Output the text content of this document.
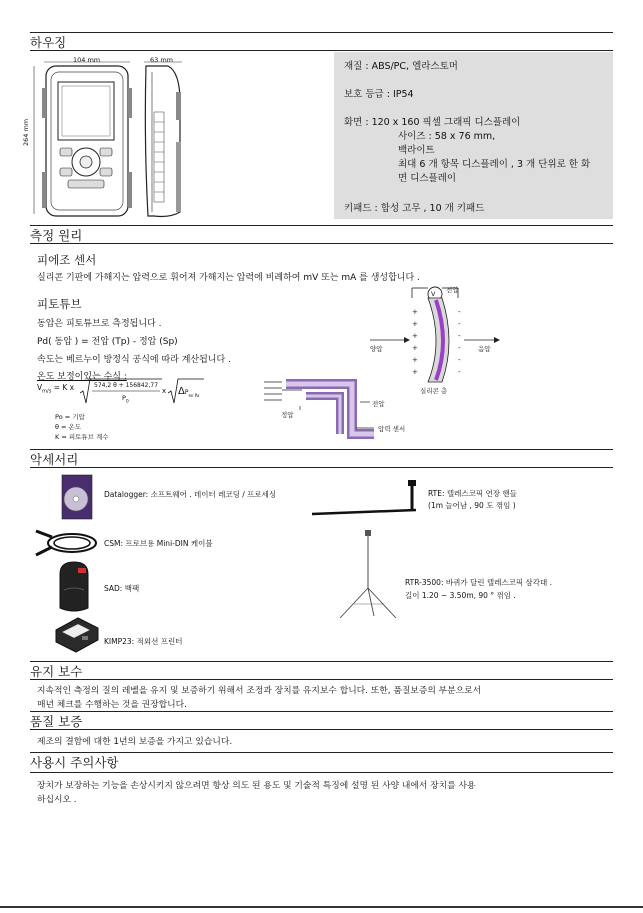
하우징
104 mm	63 mm
264 mm
재질 : ABS/PC, 엘라스토머
보호 등급 : IP54
화면 : 120 x 160 픽셀 그래픽 디스플레이
사이즈 : 58 x 76 mm,
백라이트
최대 6 개 항목 디스플레이 , 3 개 단위로 한 화
면 디스플레이
키패드 : 합성 고무 , 10 개 키패드
측정 원리
피에조 센서
실리콘 기판에 가해지는 압력으로 휘어져 가해지는 압력에 비례하여 mV 또는 mA 를 생성합니다 .
피토튜브
동압은 피토튜브로 측정됩니다 .
Pd( 동압 ) = 전압 (Tp) - 정압 (Sp)
속도는 베르누이 방정식 공식에 따라 계산됩니다 .
온도 보정이있는 수식 :
$V_{m/s} = K$ x	574,2 θ + 156842,77
$P_0$
x $\Delta P_{en Pa}$
Po = 기압
θ = 온도
K = 피토튜브 계수
+
+
+
+
+
+
-
-
-
-
-
-
V 전압
양압	음압
실리콘 층
정압
전압
압력 센서
악세서리
Datalogger: 소프트웨어 . 데이터 레코딩 / 프로세싱
CSM: 프로브용 Mini-DIN 케이블
SAD: 백팩
KIMP23: 적외선 프린터
RTE: 텔레스코픽 연장 핸들
(1m 늘어남 , 90 도 꺾임 )
RTR-3500: 바퀴가 달린 텔레스코픽 삼각대 .
길이 1.20 ~ 3.50m, 90 ° 꺾임 .
유지 보수
지속적인 측정의 질의 레벨을 유지 및 보증하기 위해서 조정과 장치를 유지보수 합니다. 또한, 품질보증의 부분으로서
매년 체크를 수행하는 것을 권장합니다.
품질 보증
제조의 결함에 대한 1년의 보증을 가지고 있습니다.
사용시 주의사항
장치가 보장하는 기능을 손상시키지 않으려면 항상 의도 된 용도 및 기술적 특징에 설명 된 사양 내에서 장치를 사용
하십시오 .
